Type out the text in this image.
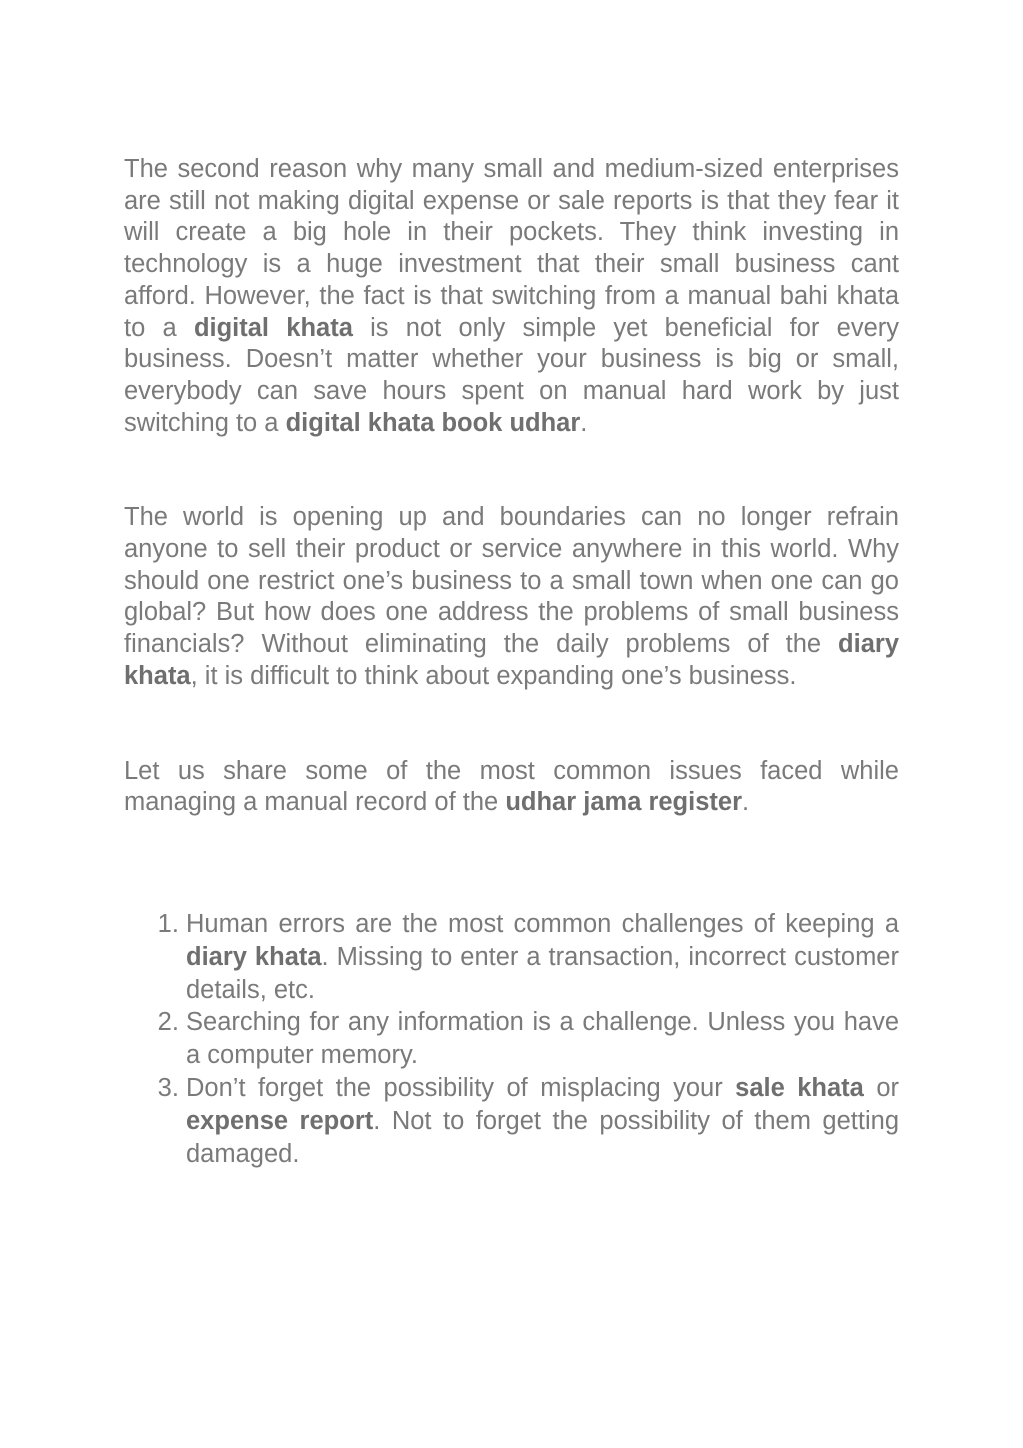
The second reason why many small and medium-sized enterprises are still not making digital expense or sale reports is that they fear it will create a big hole in their pockets. They think investing in technology is a huge investment that their small business cant afford. However, the fact is that switching from a manual bahi khata to a digital khata is not only simple yet beneficial for every business. Doesn’t matter whether your business is big or small, everybody can save hours spent on manual hard work by just switching to a digital khata book udhar.

The world is opening up and boundaries can no longer refrain anyone to sell their product or service anywhere in this world. Why should one restrict one’s business to a small town when one can go global? But how does one address the problems of small business financials? Without eliminating the daily problems of the diary khata, it is difficult to think about expanding one’s business.

Let us share some of the most common issues faced while managing a manual record of the udhar jama register.

1. Human errors are the most common challenges of keeping a diary khata. Missing to enter a transaction, incorrect customer details, etc.
2. Searching for any information is a challenge. Unless you have a computer memory.
3. Don’t forget the possibility of misplacing your sale khata or expense report. Not to forget the possibility of them getting damaged.
